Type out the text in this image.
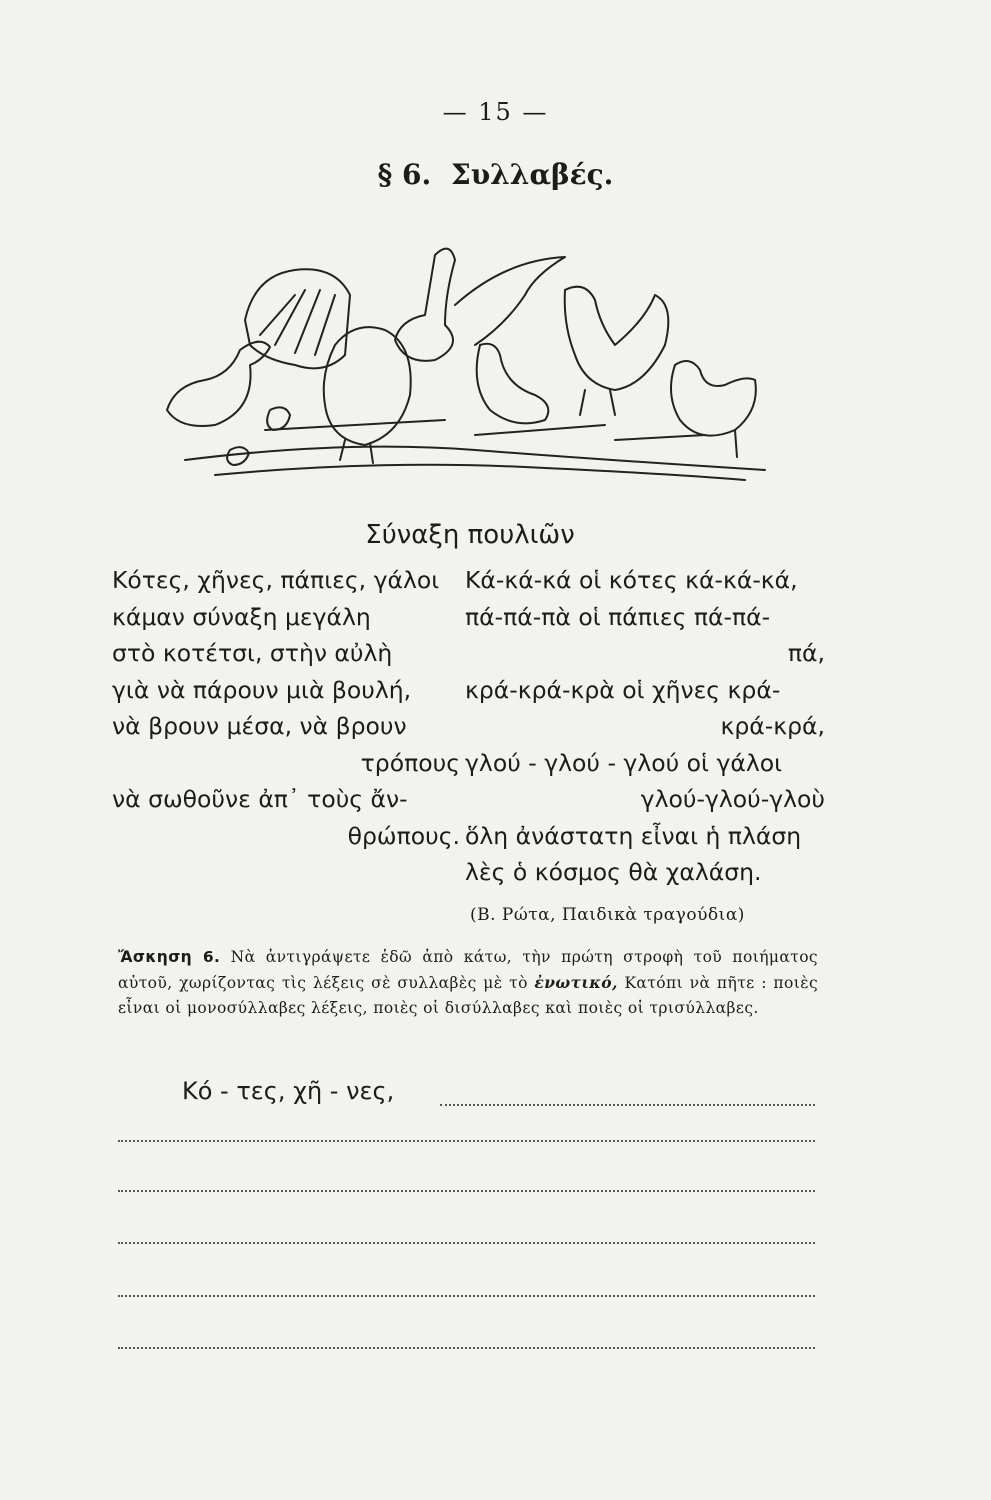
— 15 —
§ 6. Συλλαβές.
Σύναξη πουλιῶν
Κότες, χῆνες, πάπιες, γάλοι
κάμαν σύναξη μεγάλη
στὸ κοτέτσι, στὴν αὐλὴ
γιὰ νὰ πάρουν μιὰ βουλή,
νὰ βρουν μέσα, νὰ βρουν
τρόπους
νὰ σωθοῦνε ἀπ᾽ τοὺς ἄν-
θρώπους.
Κά-κά-κά οἱ κότες κά-κά-κά,
πά-πά-πὰ οἱ πάπιες πά-πά-
πά,
κρά-κρά-κρὰ οἱ χῆνες κρά-
κρά-κρά,
γλού - γλού - γλού οἱ γάλοι
γλού-γλού-γλοὺ
ὅλη ἀνάστατη εἶναι ἡ πλάση
λὲς ὁ κόσμος θὰ χαλάση.
(Β. Ρώτα, Παιδικὰ τραγούδια)
Ἄσκηση 6. Νὰ ἀντιγράψετε ἐδῶ ἀπὸ κάτω, τὴν πρώτη στροφὴ τοῦ ποιήματος αὐτοῦ, χωρίζοντας τὶς λέξεις σὲ συλλαβὲς μὲ τὸ ἐνωτικό, Κατόπι νὰ πῆτε : ποιὲς εἶναι οἱ μονοσύλλαβες λέξεις, ποιὲς οἱ δισύλλαβες καὶ ποιὲς οἱ τρισύλλαβες.
Κό - τες, χῆ - νες,
